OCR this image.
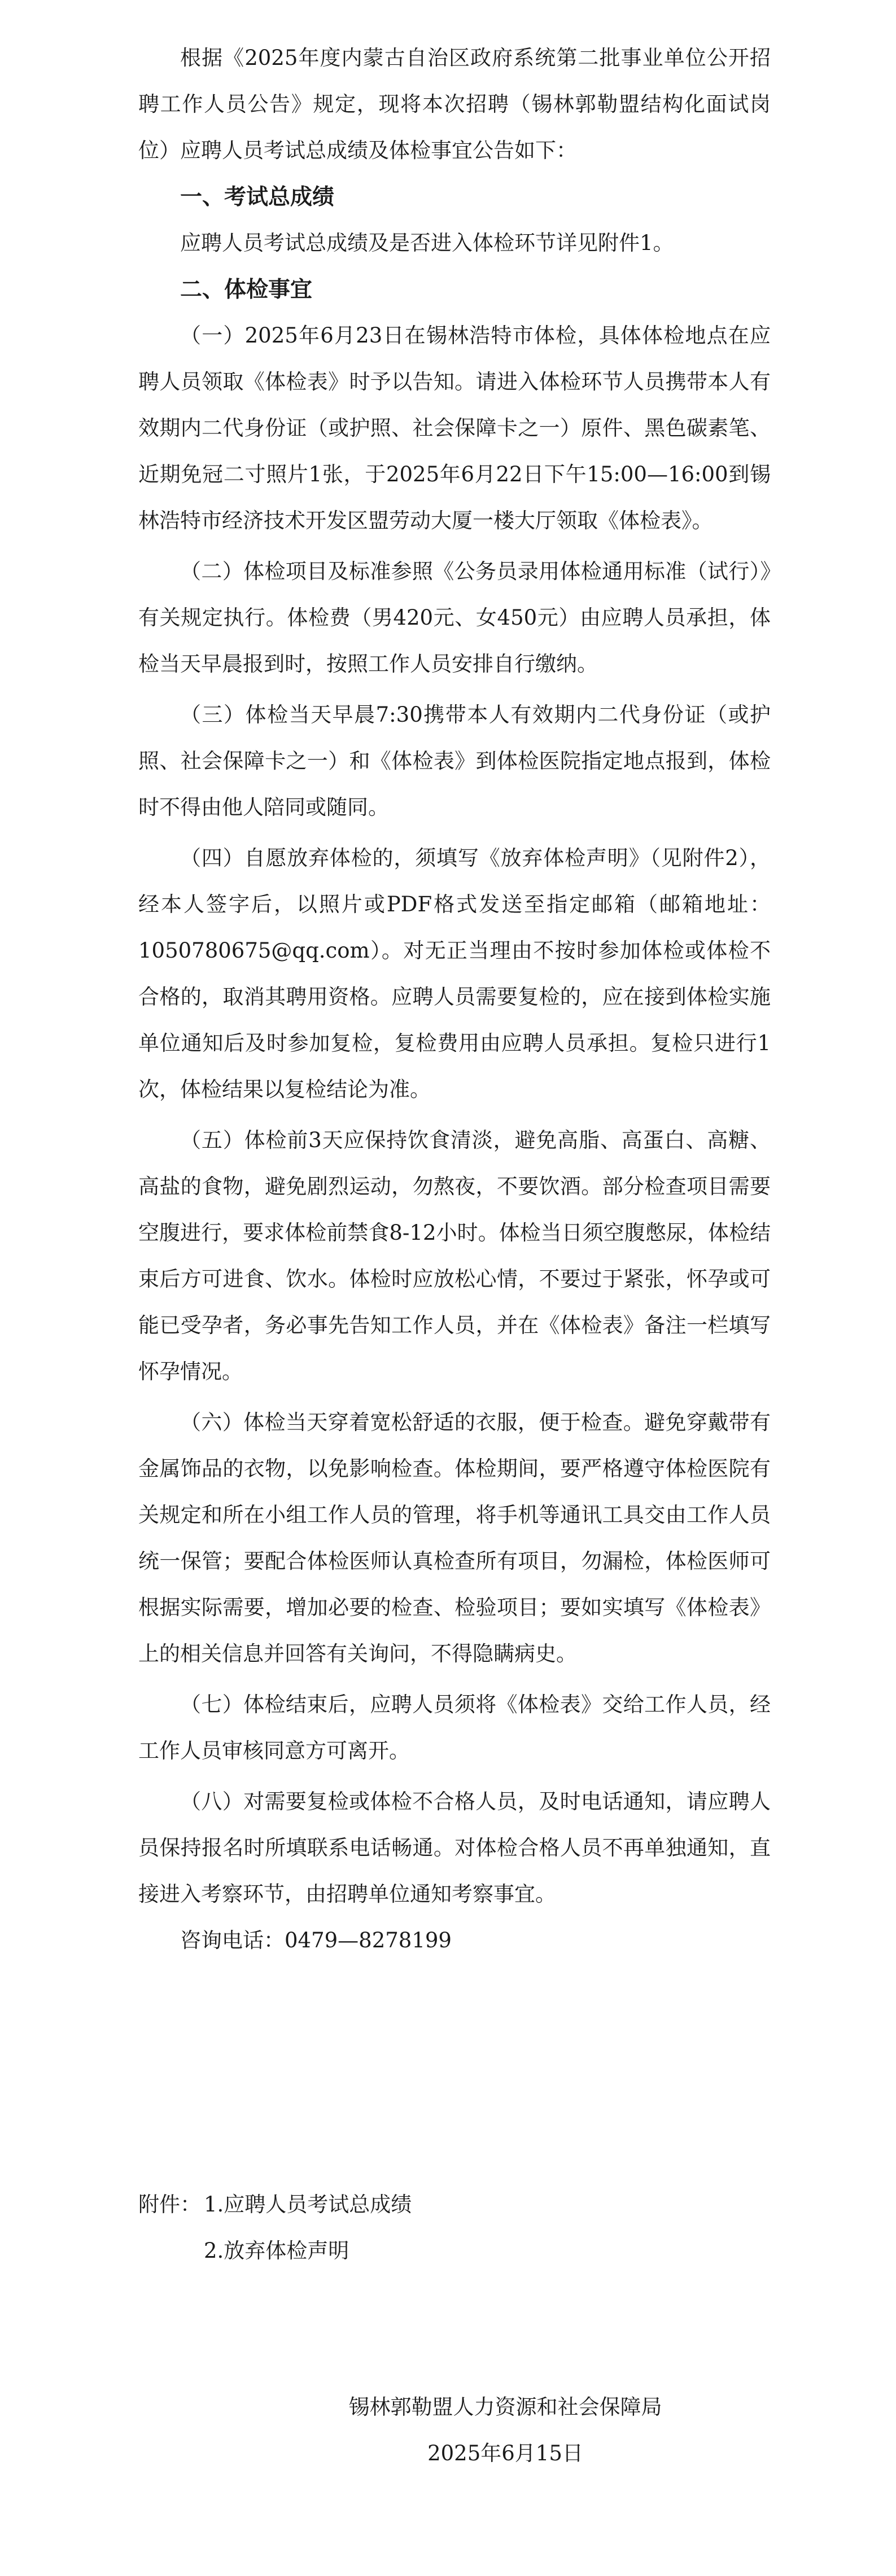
根据《2025年度内蒙古自治区政府系统第二批事业单位公开招聘工作人员公告》规定，现将本次招聘（锡林郭勒盟结构化面试岗位）应聘人员考试总成绩及体检事宜公告如下：

一、考试总成绩

应聘人员考试总成绩及是否进入体检环节详见附件1。

二、体检事宜

（一）2025年6月23日在锡林浩特市体检，具体体检地点在应聘人员领取《体检表》时予以告知。请进入体检环节人员携带本人有效期内二代身份证（或护照、社会保障卡之一）原件、黑色碳素笔、近期免冠二寸照片1张，于2025年6月22日下午15:00—16:00到锡林浩特市经济技术开发区盟劳动大厦一楼大厅领取《体检表》。

（二）体检项目及标准参照《公务员录用体检通用标准（试行）》有关规定执行。体检费（男420元、女450元）由应聘人员承担，体检当天早晨报到时，按照工作人员安排自行缴纳。

（三）体检当天早晨7:30携带本人有效期内二代身份证（或护照、社会保障卡之一）和《体检表》到体检医院指定地点报到，体检时不得由他人陪同或随同。

（四）自愿放弃体检的，须填写《放弃体检声明》（见附件2），经本人签字后，以照片或PDF格式发送至指定邮箱（邮箱地址：1050780675@qq.com）。对无正当理由不按时参加体检或体检不合格的，取消其聘用资格。应聘人员需要复检的，应在接到体检实施单位通知后及时参加复检，复检费用由应聘人员承担。复检只进行1次，体检结果以复检结论为准。

（五）体检前3天应保持饮食清淡，避免高脂、高蛋白、高糖、高盐的食物，避免剧烈运动，勿熬夜，不要饮酒。部分检查项目需要空腹进行，要求体检前禁食8-12小时。体检当日须空腹憋尿，体检结束后方可进食、饮水。体检时应放松心情，不要过于紧张，怀孕或可能已受孕者，务必事先告知工作人员，并在《体检表》备注一栏填写怀孕情况。

（六）体检当天穿着宽松舒适的衣服，便于检查。避免穿戴带有金属饰品的衣物，以免影响检查。体检期间，要严格遵守体检医院有关规定和所在小组工作人员的管理，将手机等通讯工具交由工作人员统一保管；要配合体检医师认真检查所有项目，勿漏检，体检医师可根据实际需要，增加必要的检查、检验项目；要如实填写《体检表》上的相关信息并回答有关询问，不得隐瞒病史。

（七）体检结束后，应聘人员须将《体检表》交给工作人员，经工作人员审核同意方可离开。

（八）对需要复检或体检不合格人员，及时电话通知，请应聘人员保持报名时所填联系电话畅通。对体检合格人员不再单独通知，直接进入考察环节，由招聘单位通知考察事宜。

咨询电话：0479—8278199

附件： 1.应聘人员考试总成绩
2.放弃体检声明
锡林郭勒盟人力资源和社会保障局
2025年6月15日
